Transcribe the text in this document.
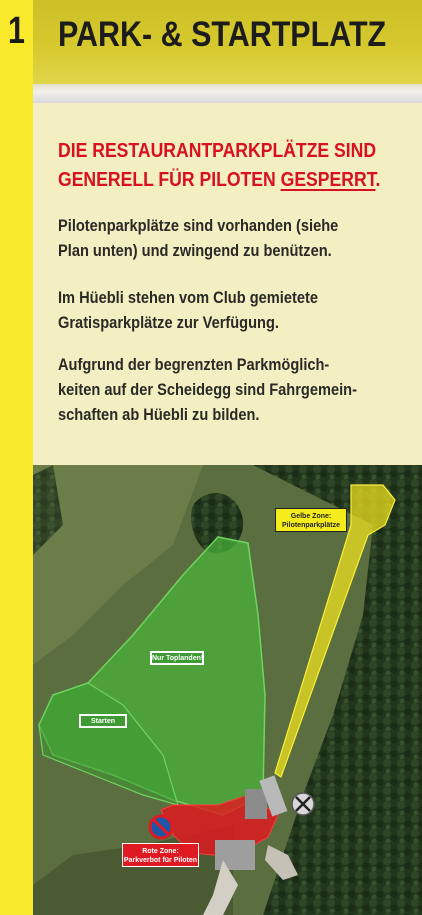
1 PARK- & STARTPLATZ
DIE RESTAURANTPARKPLÄTZE SIND
GENERELL FÜR PILOTEN GESPERRT.
Pilotenparkplätze sind vorhanden (siehe
Plan unten) und zwingend zu benützen.
Im Hüebli stehen vom Club gemietete
Gratisparkplätze zur Verfügung.
Aufgrund der begrenzten Parkmöglich-
keiten auf der Scheidegg sind Fahrgemein-
schaften ab Hüebli zu bilden.
Gelbe Zone:
Pilotenparkplätze
Nur Toplanden!
Starten
Rote Zone:
Parkverbot für Piloten
